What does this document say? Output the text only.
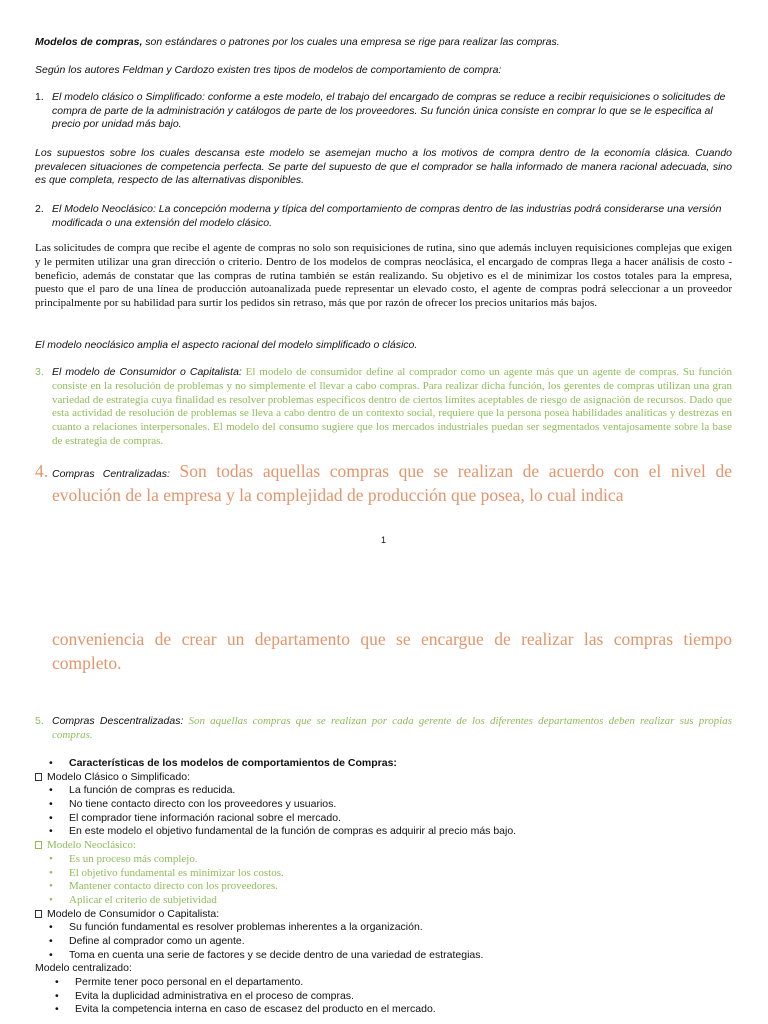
Modelos de compras, son estándares o patrones por los cuales una empresa se rige para realizar las compras.
Según los autores Feldman y Cardozo existen tres tipos de modelos de comportamiento de compra:
1. El modelo clásico o Simplificado: conforme a este modelo, el trabajo del encargado de compras se reduce a recibir requisiciones o solicitudes de compra de parte de la administración y catálogos de parte de los proveedores. Su función única consiste en comprar lo que se le especifica al precio por unidad más bajo.
Los supuestos sobre los cuales descansa este modelo se asemejan mucho a los motivos de compra dentro de la economía clásica. Cuando prevalecen situaciones de competencia perfecta. Se parte del supuesto de que el comprador se halla informado de manera racional adecuada, sino es que completa, respecto de las alternativas disponibles.
2. El Modelo Neoclásico: La concepción moderna y típica del comportamiento de compras dentro de las industrias podrá considerarse una versión modificada o una extensión del modelo clásico.
Las solicitudes de compra que recibe el agente de compras no solo son requisiciones de rutina, sino que además incluyen requisiciones complejas que exigen y le permiten utilizar una gran dirección o criterio. Dentro de los modelos de compras neoclásica, el encargado de compras llega a hacer análisis de costo - beneficio, además de constatar que las compras de rutina también se están realizando. Su objetivo es el de minimizar los costos totales para la empresa, puesto que el paro de una línea de producción autoanalizada puede representar un elevado costo, el agente de compras podrá seleccionar a un proveedor principalmente por su habilidad para surtir los pedidos sin retraso, más que por razón de ofrecer los precios unitarios más bajos.
El modelo neoclásico amplia el aspecto racional del modelo simplificado o clásico.
3. El modelo de Consumidor o Capitalista: El modelo de consumidor define al comprador como un agente más que un agente de compras. Su función consiste en la resolución de problemas y no simplemente el llevar a cabo compras. Para realizar dicha función, los gerentes de compras utilizan una gran variedad de estrategia cuya finalidad es resolver problemas específicos dentro de ciertos límites aceptables de riesgo de asignación de recursos. Dado que esta actividad de resolución de problemas se lleva a cabo dentro de un contexto social, requiere que la persona posea habilidades analíticas y destrezas en cuanto a relaciones interpersonales. El modelo del consumo sugiere que los mercados industriales puedan ser segmentados ventajosamente sobre la base de estrategia de compras.
4. Compras Centralizadas: Son todas aquellas compras que se realizan de acuerdo con el nivel de evolución de la empresa y la complejidad de producción que posea, lo cual indica
1
conveniencia de crear un departamento que se encargue de realizar las compras tiempo completo.
5. Compras Descentralizadas: Son aquellas compras que se realizan por cada gerente de los diferentes departamentos deben realizar sus propias compras.
• Características de los modelos de comportamientos de Compras:
Modelo Clásico o Simplificado:
• La función de compras es reducida.
• No tiene contacto directo con los proveedores y usuarios.
• El comprador tiene información racional sobre el mercado.
• En este modelo el objetivo fundamental de la función de compras es adquirir al precio más bajo.
Modelo Neoclásico:
• Es un proceso más complejo.
• El objetivo fundamental es minimizar los costos.
• Mantener contacto directo con los proveedores.
• Aplicar el criterio de subjetividad
Modelo de Consumidor o Capitalista:
• Su función fundamental es resolver problemas inherentes a la organización.
• Define al comprador como un agente.
• Toma en cuenta una serie de factores y se decide dentro de una variedad de estrategias.
Modelo centralizado:
• Permite tener poco personal en el departamento.
• Evita la duplicidad administrativa en el proceso de compras.
• Evita la competencia interna en caso de escasez del producto en el mercado.
